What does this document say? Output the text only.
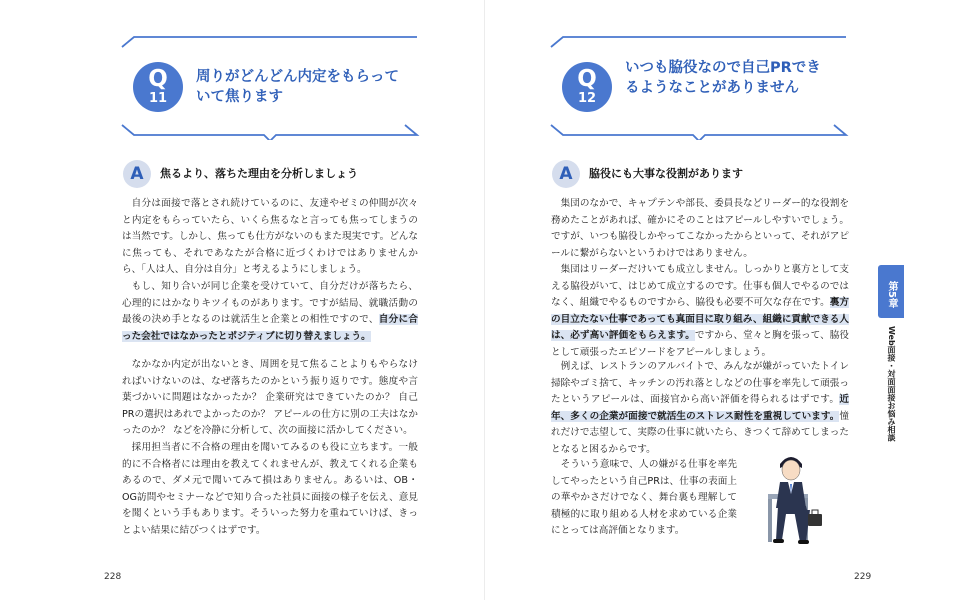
Q
11
周りがどんどん内定をもらっていて焦ります
A	焦るより、落ちた理由を分析しましょう
自分は面接で落とされ続けているのに、友達やゼミの仲間が次々と内定をもらっていたら、いくら焦るなと言っても焦ってしまうのは当然です。しかし、焦っても仕方がないのもまた現実です。どんなに焦っても、それであなたが合格に近づくわけではありませんから、「人は人、自分は自分」と考えるようにしましょう。
もし、知り合いが同じ企業を受けていて、自分だけが落ちたら、心理的にはかなりキツイものがあります。ですが結局、就職活動の最後の決め手となるのは就活生と企業との相性ですので、自分に合った会社ではなかったとポジティブに切り替えましょう。
なかなか内定が出ないとき、周囲を見て焦ることよりもやらなければいけないのは、なぜ落ちたのかという振り返りです。態度や言葉づかいに問題はなかったか？ 企業研究はできていたのか？ 自己PRの選択はあれでよかったのか？ アピールの仕方に別の工夫はなかったのか？ などを冷静に分析して、次の面接に活かしてください。
採用担当者に不合格の理由を聞いてみるのも役に立ちます。一般的に不合格者には理由を教えてくれませんが、教えてくれる企業もあるので、ダメ元で聞いてみて損はありません。あるいは、OB・OG訪問やセミナーなどで知り合った社員に面接の様子を伝え、意見を聞くという手もあります。そういった努力を重ねていけば、きっとよい結果に結びつくはずです。
228
Q
12
いつも脇役なので自己PRできるようなことがありません
A	脇役にも大事な役割があります
集団のなかで、キャプテンや部長、委員長などリーダー的な役割を務めたことがあれば、確かにそのことはアピールしやすいでしょう。ですが、いつも脇役しかやってこなかったからといって、それがアピールに繋がらないというわけではありません。
集団はリーダーだけいても成立しません。しっかりと裏方として支える脇役がいて、はじめて成立するのです。仕事も個人でやるのではなく、組織でやるものですから、脇役も必要不可欠な存在です。裏方の目立たない仕事であっても真面目に取り組み、組織に貢献できる人は、必ず高い評価をもらえます。ですから、堂々と胸を張って、脇役として頑張ったエピソードをアピールしましょう。
例えば、レストランのアルバイトで、みんなが嫌がっていたトイレ掃除やゴミ捨て、キッチンの汚れ落としなどの仕事を率先して頑張ったというアピールは、面接官から高い評価を得られるはずです。近年、多くの企業が面接で就活生のストレス耐性を重視しています。憧れだけで志望して、実際の仕事に就いたら、きつくて辞めてしまったとなると困るからです。
そういう意味で、人の嫌がる仕事を率先してやったという自己PRは、仕事の表面上の華やかさだけでなく、舞台裏も理解して積極的に取り組める人材を求めている企業にとっては高評価となります。
229
第5章
Web面接・対面面接お悩み相談
